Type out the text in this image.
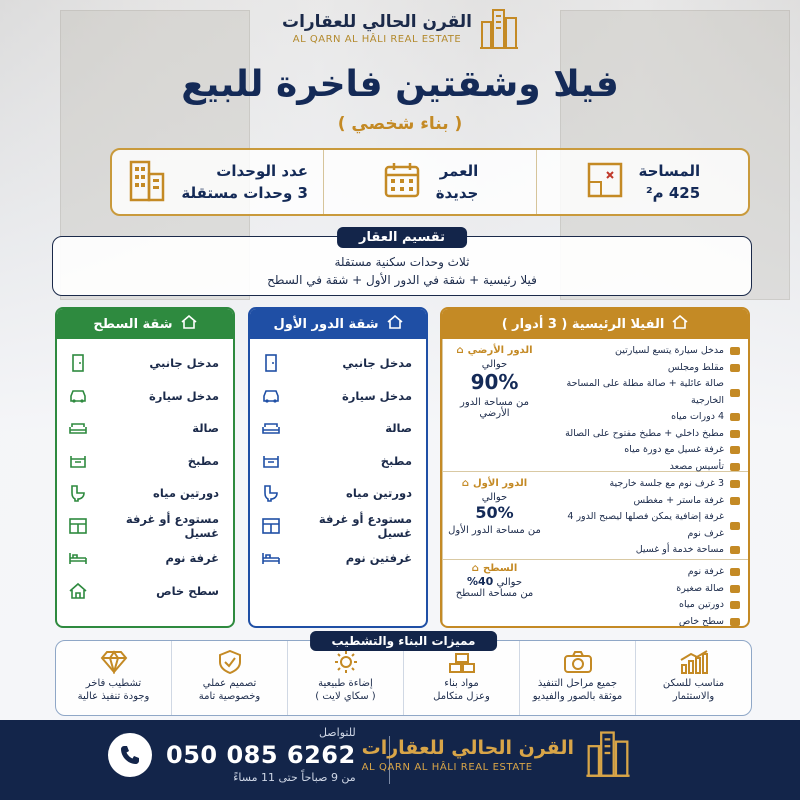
القرن الحالي للعقارات
AL QARN AL HÂLI REAL ESTATE
فيلا وشقتين فاخرة للبيع
( بناء شخصي )
المساحة
425 م²
العمر
جديدة
عدد الوحدات
3 وحدات مستقلة
تقسيم العقار
ثلاث وحدات سكنية مستقلة
فيلا رئيسية + شقة في الدور الأول + شقة في السطح
شقة السطح
مدخل جانبي
مدخل سيارة
صالة
مطبخ
دورتين مياه
مستودع أو غرفة غسيل
غرفة نوم
سطح خاص
شقة الدور الأول
مدخل جانبي
مدخل سيارة
صالة
مطبخ
دورتين مياه
مستودع أو غرفة غسيل
غرفتين نوم
الفيلا الرئيسية ( 3 أدوار )
مدخل سيارة يتسع لسيارتين
مقلط ومجلس
صالة عائلية + صالة مطلة على المساحة الخارجية
4 دورات مياه
مطبخ داخلي + مطبخ مفتوح على الصالة
غرفة غسيل مع دورة مياه
تأسيس مصعد
الدور الأرضي
⌂
حوالي
90%
من مساحة الدور الأرضي
3 غرف نوم مع جلسة خارجية
غرفة ماستر + مغطس
غرفة إضافية يمكن فصلها ليصبح الدور 4 غرف نوم
مساحة خدمة أو غسيل
الدور الأول
⌂
حوالي
50%
من مساحة الدور الأول
غرفة نوم
صالة صغيرة
دورتين مياه
سطح خاص
السطح
⌂
حوالي 40%
من مساحة السطح
مميزات البناء والتشطيب
مناسب للسكن
والاستثمار
جميع مراحل التنفيذ
موثقة بالصور والفيديو
مواد بناء
وعزل متكامل
إضاءة طبيعية
( سكاي لايت )
تصميم عملي
وخصوصية تامة
تشطيب فاخر
وجودة تنفيذ عالية
للتواصل
050 085 6262
من 9 صباحاً حتى 11 مساءً
القرن الحالي للعقارات
AL QARN AL HÂLI REAL ESTATE
